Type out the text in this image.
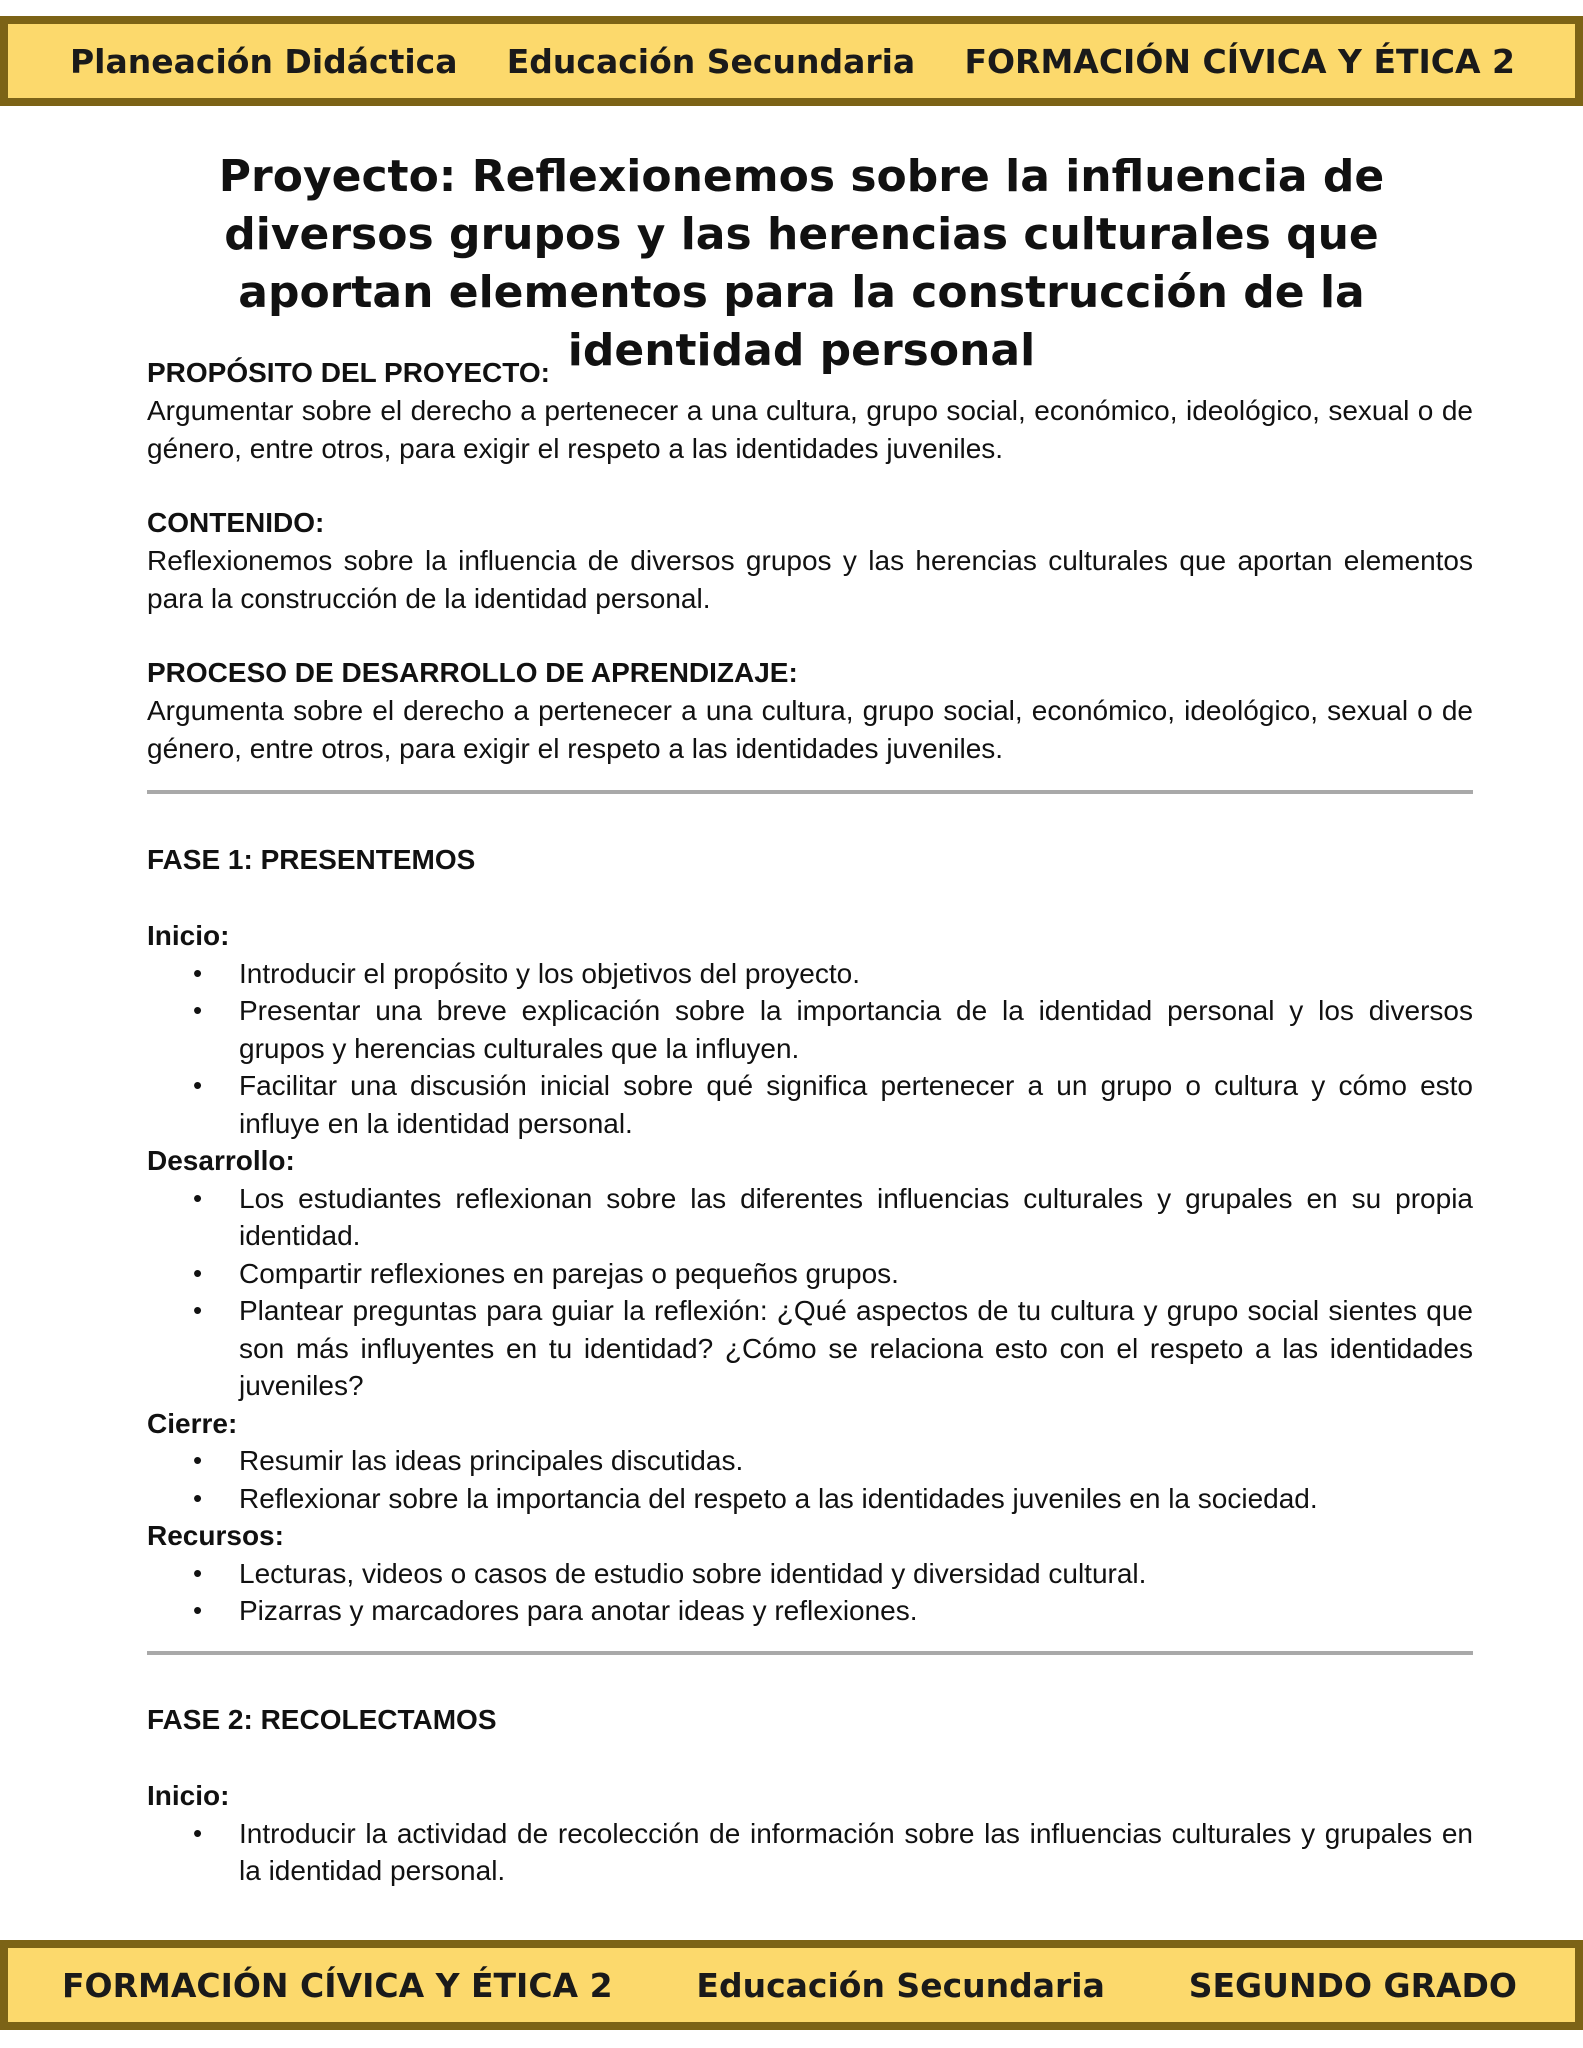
Planeación Didáctica Educación Secundaria FORMACIÓN CÍVICA Y ÉTICA 2
Proyecto: Reflexionemos sobre la influencia de diversos grupos y las herencias culturales que aportan elementos para la construcción de la identidad personal

PROPÓSITO DEL PROYECTO:

Argumentar sobre el derecho a pertenecer a una cultura, grupo social, económico, ideológico, sexual o de género, entre otros, para exigir el respeto a las identidades juveniles.

CONTENIDO:

Reflexionemos sobre la influencia de diversos grupos y las herencias culturales que aportan elementos para la construcción de la identidad personal.

PROCESO DE DESARROLLO DE APRENDIZAJE:

Argumenta sobre el derecho a pertenecer a una cultura, grupo social, económico, ideológico, sexual o de género, entre otros, para exigir el respeto a las identidades juveniles.

FASE 1: PRESENTEMOS

Inicio:

• Introducir el propósito y los objetivos del proyecto.
• Presentar una breve explicación sobre la importancia de la identidad personal y los diversos grupos y herencias culturales que la influyen.
• Facilitar una discusión inicial sobre qué significa pertenecer a un grupo o cultura y cómo esto influye en la identidad personal.

Desarrollo:

• Los estudiantes reflexionan sobre las diferentes influencias culturales y grupales en su propia identidad.
• Compartir reflexiones en parejas o pequeños grupos.
• Plantear preguntas para guiar la reflexión: ¿Qué aspectos de tu cultura y grupo social sientes que son más influyentes en tu identidad? ¿Cómo se relaciona esto con el respeto a las identidades juveniles?

Cierre:

• Resumir las ideas principales discutidas.
• Reflexionar sobre la importancia del respeto a las identidades juveniles en la sociedad.

Recursos:

• Lecturas, videos o casos de estudio sobre identidad y diversidad cultural.
• Pizarras y marcadores para anotar ideas y reflexiones.

FASE 2: RECOLECTAMOS

Inicio:

• Introducir la actividad de recolección de información sobre las influencias culturales y grupales en la identidad personal.
FORMACIÓN CÍVICA Y ÉTICA 2	Educación Secundaria	SEGUNDO GRADO
